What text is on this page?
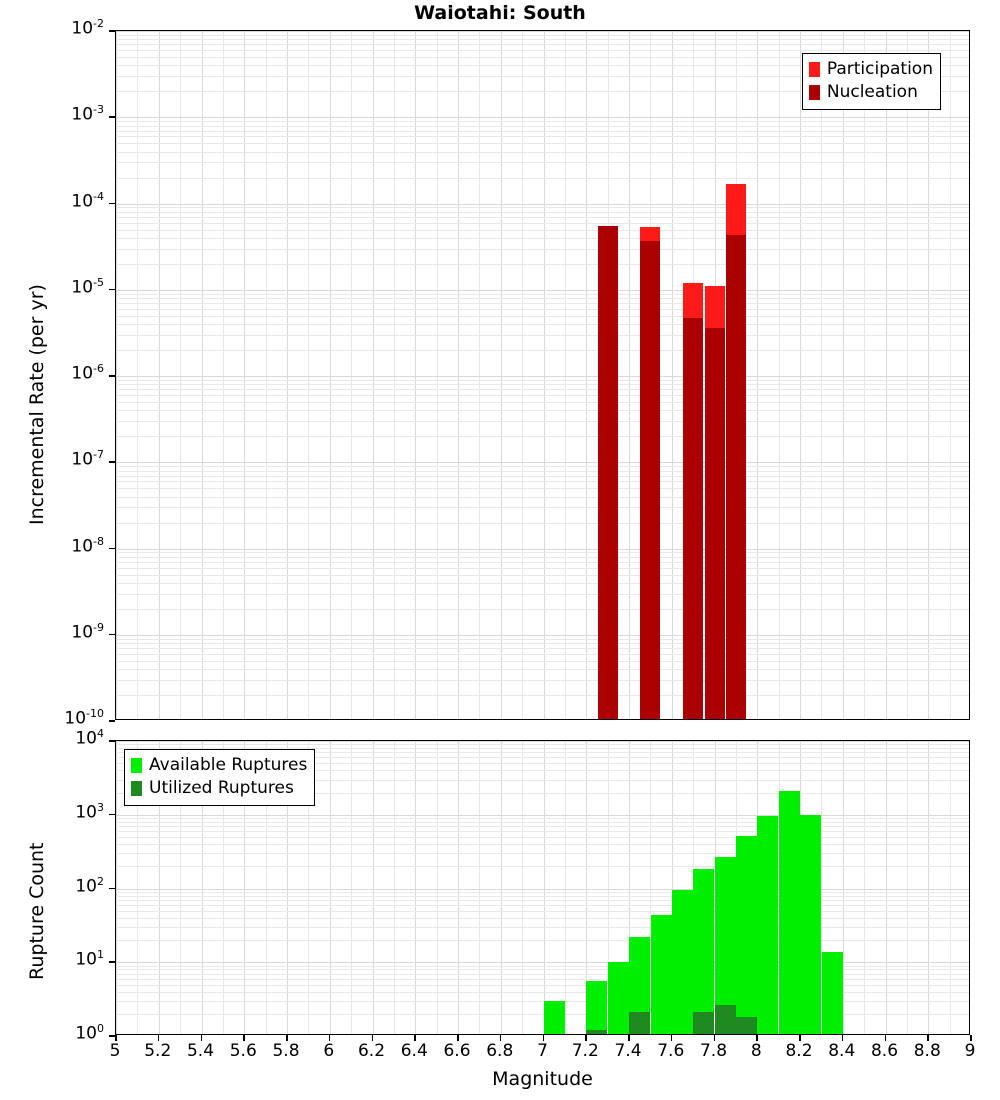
Waiotahi: South
Participation
Nucleation
Available Ruptures
Utilized Ruptures
$10^{-2}$
$10^{-3}$
$10^{-4}$
$10^{-5}$
$10^{-6}$
$10^{-7}$
$10^{-8}$
$10^{-9}$
$10^{-10}$
$10^4$
$10^3$
$10^2$
$10^1$
$10^0$
5	5.2 5.4 5.6 5.8	6	6.2 6.4 6.6 6.8	7	7.2 7.4 7.6 7.8	8	8.2 8.4 8.6 8.8	9
Incremental Rate (per yr)
Rupture Count
Magnitude
